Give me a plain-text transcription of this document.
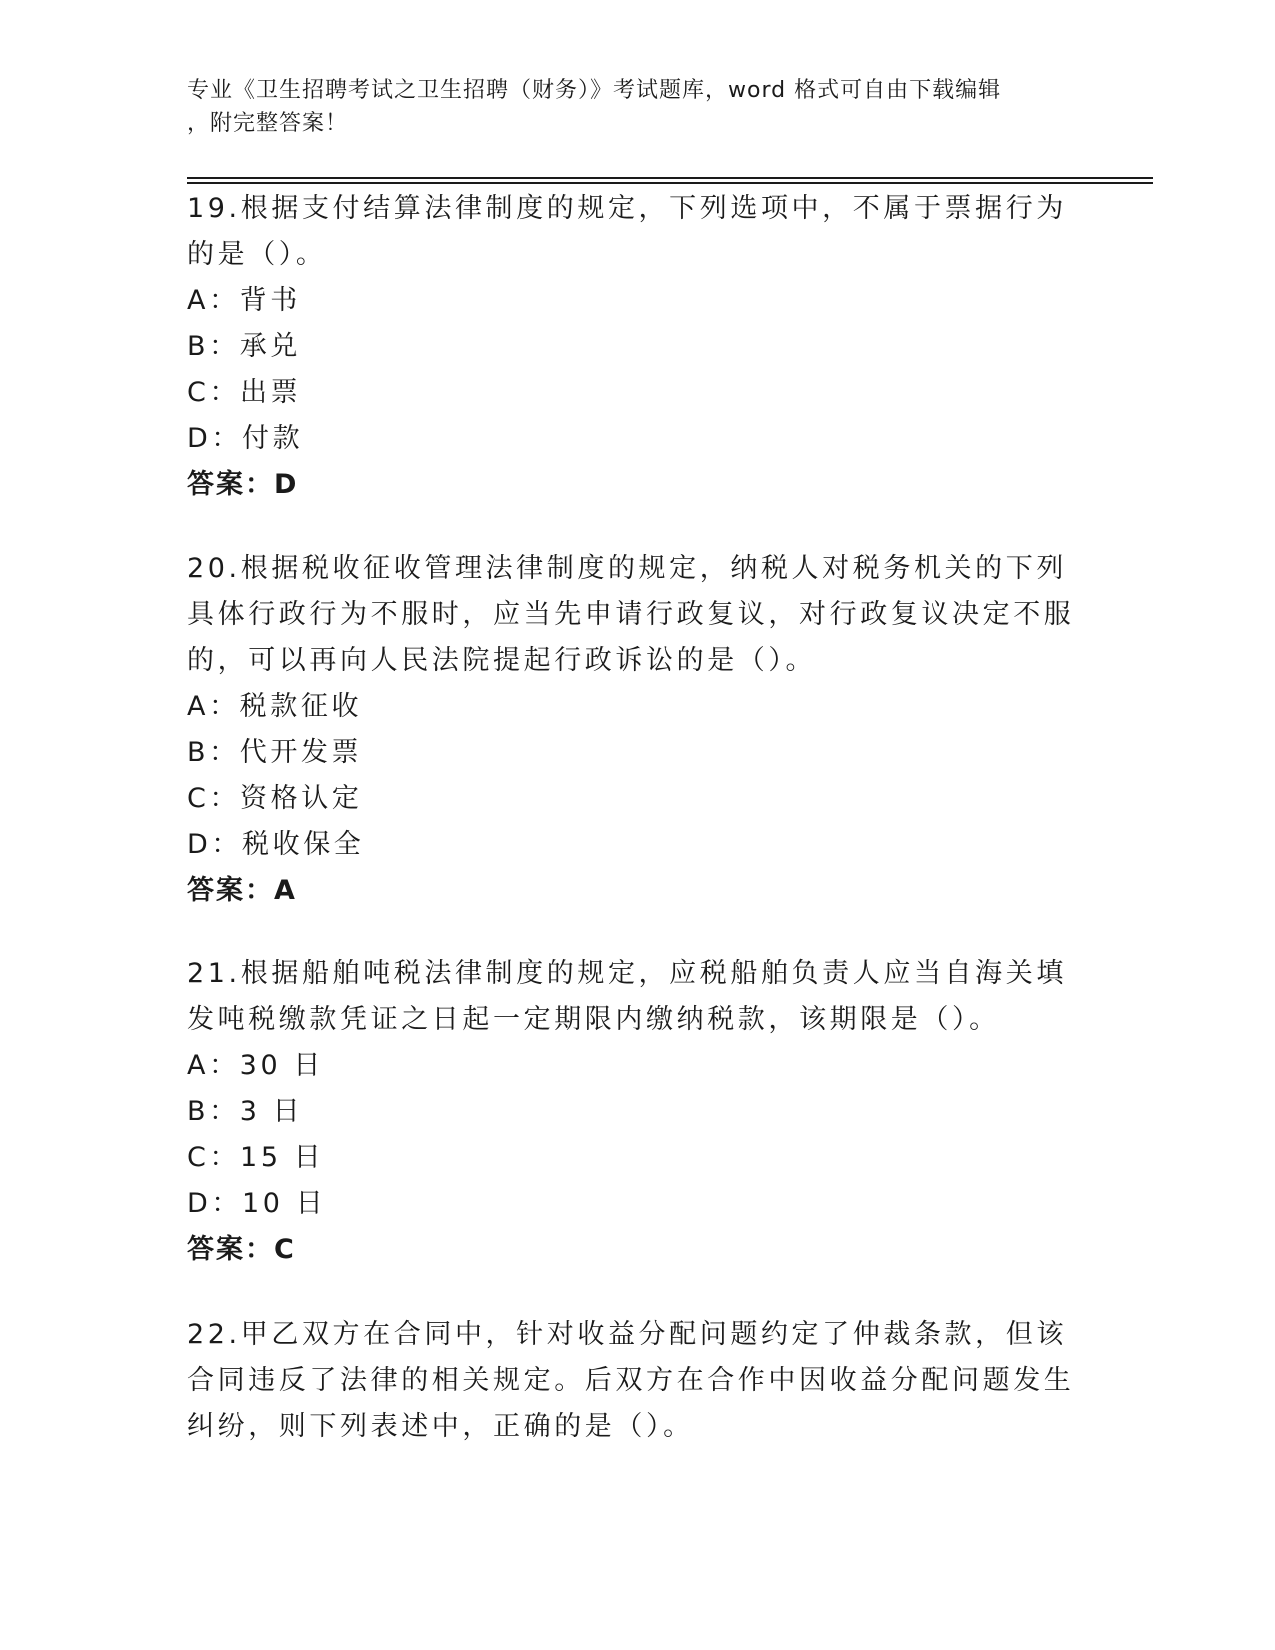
专业《卫生招聘考试之卫生招聘（财务）》考试题库，word 格式可自由下载编辑
，附完整答案！

19.根据支付结算法律制度的规定，下列选项中，不属于票据行为的是（）。

A：背书
B：承兑
C：出票
D：付款
答案：D

20.根据税收征收管理法律制度的规定，纳税人对税务机关的下列具体行政行为不服时，应当先申请行政复议，对行政复议决定不服的，可以再向人民法院提起行政诉讼的是（）。

A：税款征收
B：代开发票
C：资格认定
D：税收保全
答案：A

21.根据船舶吨税法律制度的规定，应税船舶负责人应当自海关填发吨税缴款凭证之日起一定期限内缴纳税款，该期限是（）。

A：30 日
B：3 日
C：15 日
D：10 日
答案：C

22.甲乙双方在合同中，针对收益分配问题约定了仲裁条款，但该合同违反了法律的相关规定。后双方在合作中因收益分配问题发生纠纷，则下列表述中，正确的是（）。
